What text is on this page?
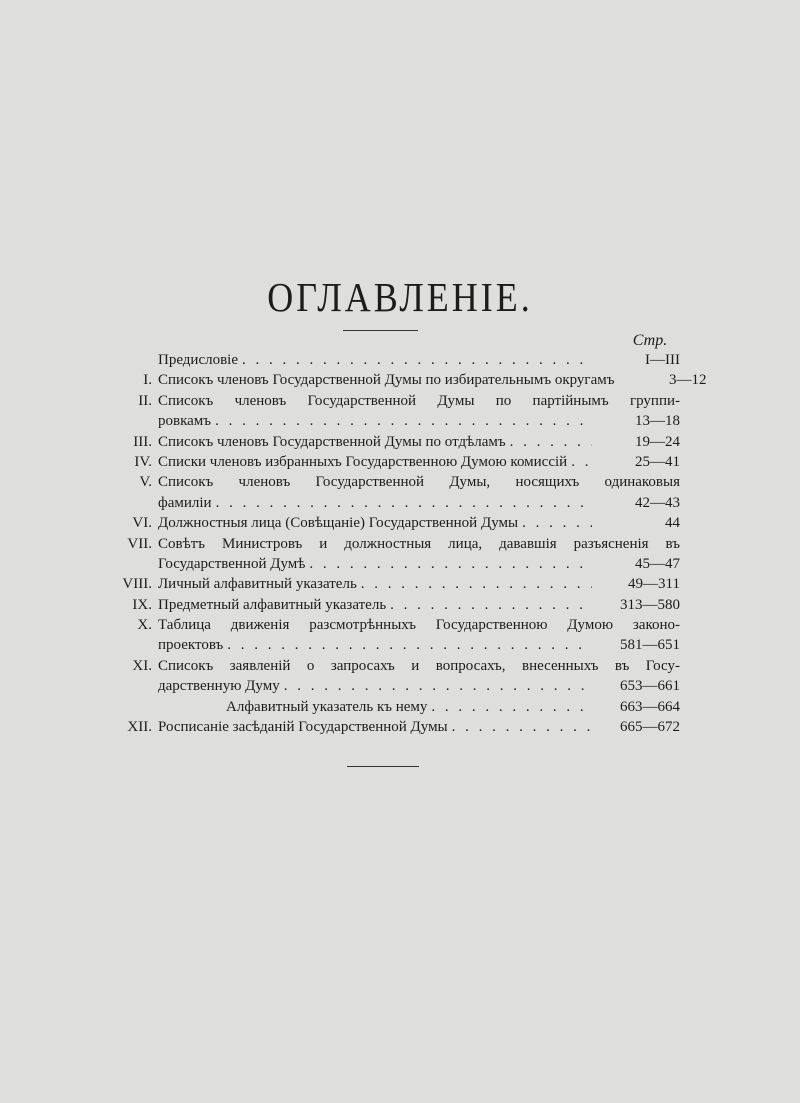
ОГЛАВЛЕНІЕ.
Стр.
Предисловіе . . .	I—III
I. Списокъ членовъ Государственной Думы по избирательнымъ округамъ	3—12
II. Списокъ членовъ Государственной Думы по партійнымъ группи-
ровкамъ . . .	13—18
III. Списокъ членовъ Государственной Думы по отдѣламъ . . .	19—24
IV. Списки членовъ избранныхъ Государственною Думою комиссій . . .	25—41
V. Списокъ членовъ Государственной Думы, носящихъ одинаковыя
фамиліи . . .	42—43
VI. Должностныя лица (Совѣщаніе) Государственной Думы . . .	44
VII. Совѣтъ Министровъ и должностныя лица, дававшія разъясненія въ
Государственной Думѣ . . .	45—47
VIII. Личный алфавитный указатель . . .	49—311
IX. Предметный алфавитный указатель . . .	313—580
X. Таблица движенія разсмотрѣнныхъ Государственною Думою законо-
проектовъ . . .	581—651
XI. Списокъ заявленій о запросахъ и вопросахъ, внесенныхъ въ Госу-
дарственную Думу . . .	653—661
Алфавитный указатель къ нему . . .	663—664
XII. Росписаніе засѣданій Государственной Думы . . .	665—672
